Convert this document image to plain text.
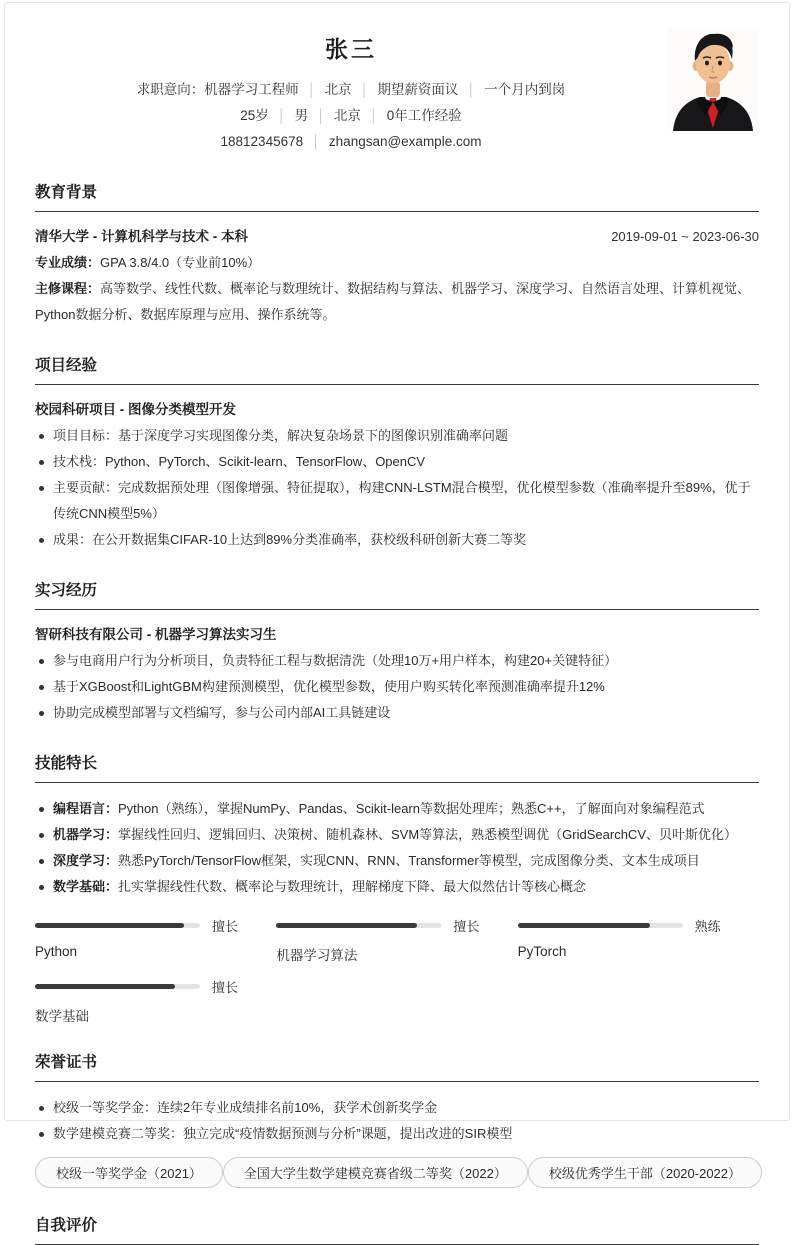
张三
求职意向：机器学习工程师 │ 北京 │ 期望薪资面议 │ 一个月内到岗
25岁 │ 男 │ 北京 │ 0年工作经验
18812345678 │ zhangsan@example.com
教育背景
清华大学 - 计算机科学与技术 - 本科	2019-09-01 ~ 2023-06-30
专业成绩：GPA 3.8/4.0（专业前10%）
主修课程：高等数学、线性代数、概率论与数理统计、数据结构与算法、机器学习、深度学习、自然语言处理、计算机视觉、Python数据分析、数据库原理与应用、操作系统等。
项目经验
校园科研项目 - 图像分类模型开发
项目目标：基于深度学习实现图像分类，解决复杂场景下的图像识别准确率问题
技术栈：Python、PyTorch、Scikit-learn、TensorFlow、OpenCV
主要贡献：完成数据预处理（图像增强、特征提取），构建CNN-LSTM混合模型，优化模型参数（准确率提升至89%，优于传统CNN模型5%）
成果：在公开数据集CIFAR-10上达到89%分类准确率，获校级科研创新大赛二等奖
实习经历
智研科技有限公司 - 机器学习算法实习生
参与电商用户行为分析项目，负责特征工程与数据清洗（处理10万+用户样本，构建20+关键特征）
基于XGBoost和LightGBM构建预测模型，优化模型参数，使用户购买转化率预测准确率提升12%
协助完成模型部署与文档编写，参与公司内部AI工具链建设
技能特长
编程语言：Python（熟练），掌握NumPy、Pandas、Scikit-learn等数据处理库；熟悉C++，了解面向对象编程范式
机器学习：掌握线性回归、逻辑回归、决策树、随机森林、SVM等算法，熟悉模型调优（GridSearchCV、贝叶斯优化）
深度学习：熟悉PyTorch/TensorFlow框架，实现CNN、RNN、Transformer等模型，完成图像分类、文本生成项目
数学基础：扎实掌握线性代数、概率论与数理统计，理解梯度下降、最大似然估计等核心概念
擅长
Python
擅长
机器学习算法
熟练
PyTorch
擅长
数学基础
荣誉证书
校级一等奖学金：连续2年专业成绩排名前10%，获学术创新奖学金
数学建模竞赛二等奖：独立完成“疫情数据预测与分析”课题，提出改进的SIR模型
校级一等奖学金（2021）	全国大学生数学建模竞赛省级二等奖（2022）	校级优秀学生干部（2020-2022）
自我评价
